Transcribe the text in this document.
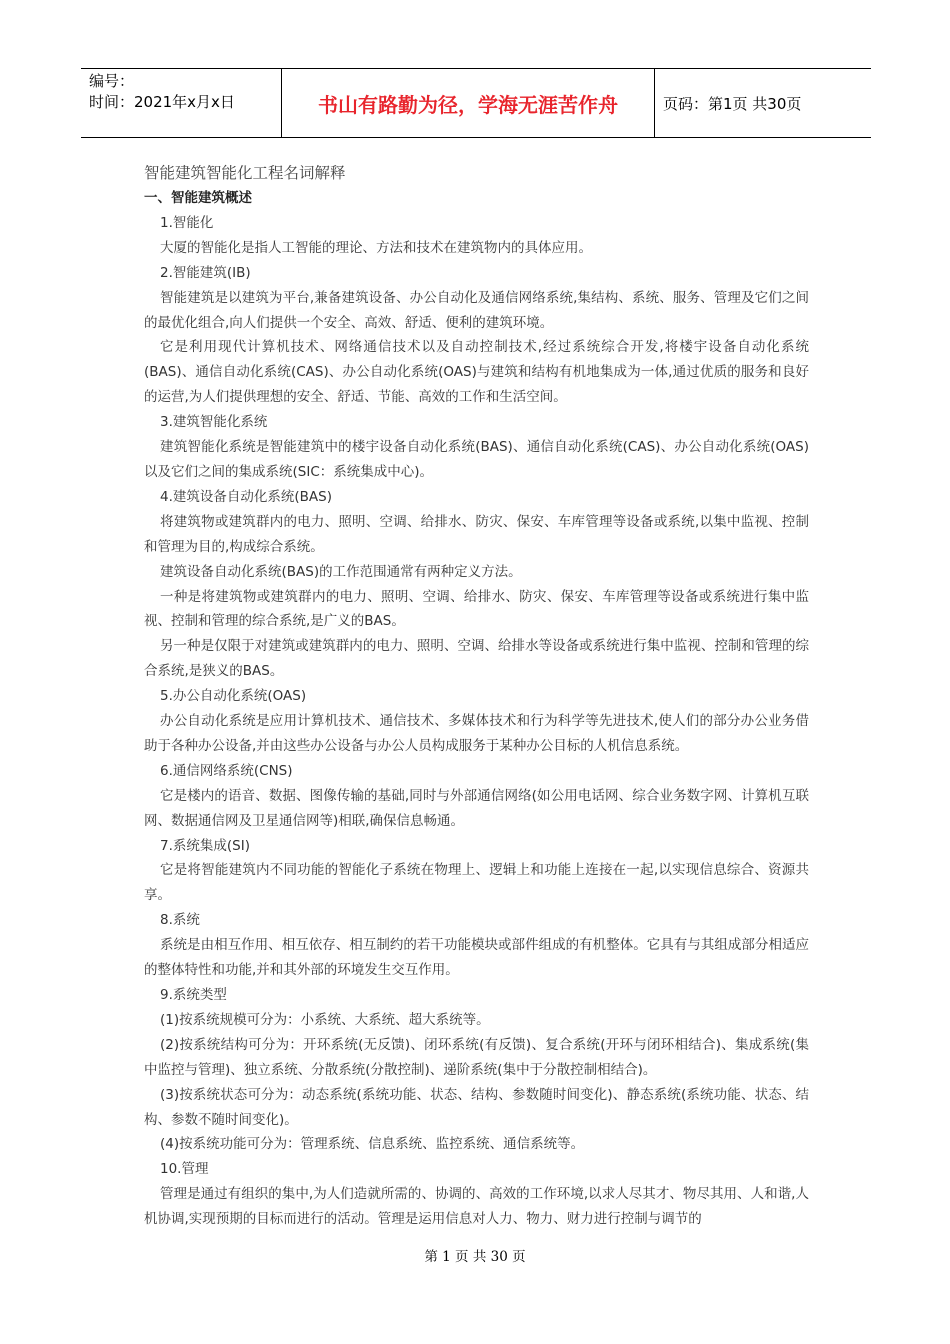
编号：
时间：2021年x月x日	书山有路勤为径，学海无涯苦作舟	页码：第1页 共30页

智能建筑智能化工程名词解释

一、智能建筑概述

1.智能化

大厦的智能化是指人工智能的理论、方法和技术在建筑物内的具体应用。

2.智能建筑(IB)

智能建筑是以建筑为平台,兼备建筑设备、办公自动化及通信网络系统,集结构、系统、服务、管理及它们之间的最优化组合,向人们提供一个安全、高效、舒适、便利的建筑环境。

它是利用现代计算机技术、网络通信技术以及自动控制技术,经过系统综合开发,将楼宇设备自动化系统(BAS)、通信自动化系统(CAS)、办公自动化系统(OAS)与建筑和结构有机地集成为一体,通过优质的服务和良好的运营,为人们提供理想的安全、舒适、节能、高效的工作和生活空间。

3.建筑智能化系统

建筑智能化系统是智能建筑中的楼宇设备自动化系统(BAS)、通信自动化系统(CAS)、办公自动化系统(OAS)以及它们之间的集成系统(SIC：系统集成中心)。

4.建筑设备自动化系统(BAS)

将建筑物或建筑群内的电力、照明、空调、给排水、防灾、保安、车库管理等设备或系统,以集中监视、控制和管理为目的,构成综合系统。

建筑设备自动化系统(BAS)的工作范围通常有两种定义方法。

一种是将建筑物或建筑群内的电力、照明、空调、给排水、防灾、保安、车库管理等设备或系统进行集中监视、控制和管理的综合系统,是广义的BAS。

另一种是仅限于对建筑或建筑群内的电力、照明、空调、给排水等设备或系统进行集中监视、控制和管理的综合系统,是狭义的BAS。

5.办公自动化系统(OAS)

办公自动化系统是应用计算机技术、通信技术、多媒体技术和行为科学等先进技术,使人们的部分办公业务借助于各种办公设备,并由这些办公设备与办公人员构成服务于某种办公目标的人机信息系统。

6.通信网络系统(CNS)

它是楼内的语音、数据、图像传输的基础,同时与外部通信网络(如公用电话网、综合业务数字网、计算机互联网、数据通信网及卫星通信网等)相联,确保信息畅通。

7.系统集成(SI)

它是将智能建筑内不同功能的智能化子系统在物理上、逻辑上和功能上连接在一起,以实现信息综合、资源共享。

8.系统

系统是由相互作用、相互依存、相互制约的若干功能模块或部件组成的有机整体。它具有与其组成部分相适应的整体特性和功能,并和其外部的环境发生交互作用。

9.系统类型

(1)按系统规模可分为：小系统、大系统、超大系统等。

(2)按系统结构可分为：开环系统(无反馈)、闭环系统(有反馈)、复合系统(开环与闭环相结合)、集成系统(集中监控与管理)、独立系统、分散系统(分散控制)、递阶系统(集中于分散控制相结合)。

(3)按系统状态可分为：动态系统(系统功能、状态、结构、参数随时间变化)、静态系统(系统功能、状态、结构、参数不随时间变化)。

(4)按系统功能可分为：管理系统、信息系统、监控系统、通信系统等。

10.管理

管理是通过有组织的集中,为人们造就所需的、协调的、高效的工作环境,以求人尽其才、物尽其用、人和谐,人机协调,实现预期的目标而进行的活动。管理是运用信息对人力、物力、财力进行控制与调节的

第 1 页 共 30 页
